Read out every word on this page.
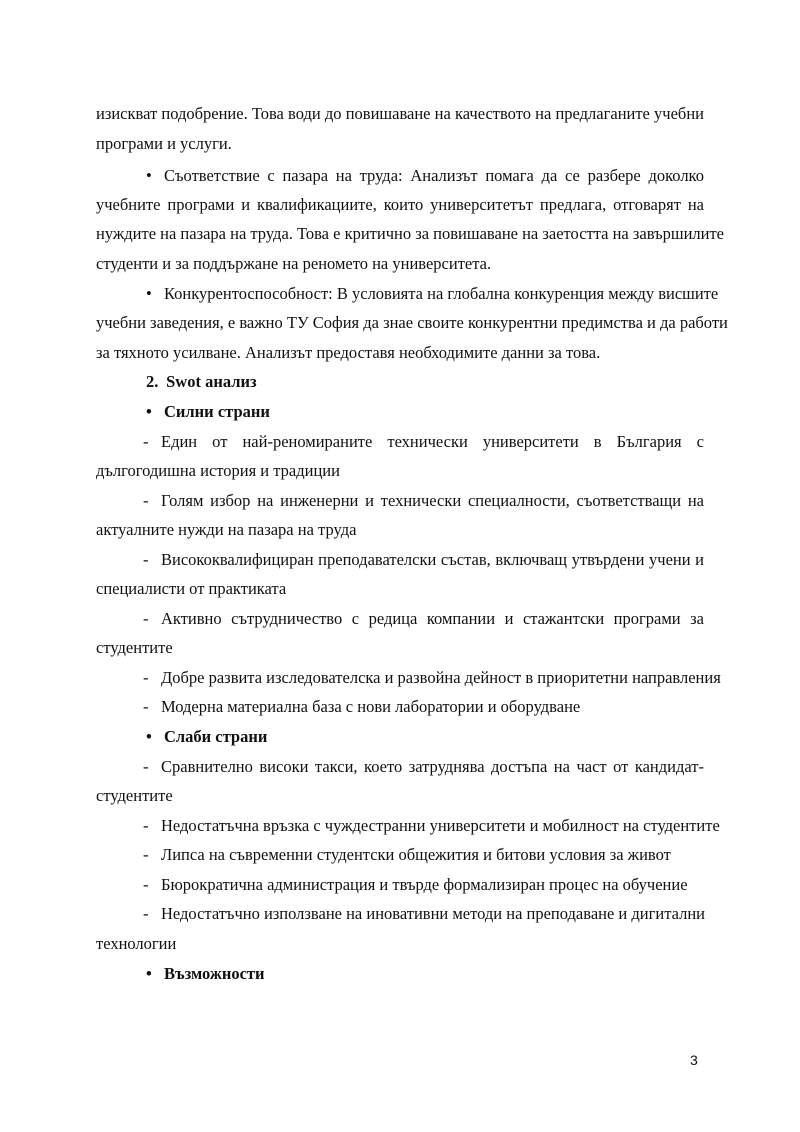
изискват подобрение. Това води до повишаване на качеството на предлаганите учебни
програми и услуги.
• Съответствие с пазара на труда: Анализът помага да се разбере доколко
учебните програми и квалификациите, които университетът предлага, отговарят на
нуждите на пазара на труда. Това е критично за повишаване на заетостта на завършилите
студенти и за поддържане на реномето на университета.
• Конкурентоспособност: В условията на глобална конкуренция между висшите
учебни заведения, е важно ТУ София да знае своите конкурентни предимства и да работи
за тяхното усилване. Анализът предоставя необходимите данни за това.
2. Swot анализ
• Силни страни
- Един от най-реномираните технически университети в България с
дългогодишна история и традиции
- Голям избор на инженерни и технически специалности, съответстващи на
актуалните нужди на пазара на труда
- Висококвалифициран преподавателски състав, включващ утвърдени учени и
специалисти от практиката
- Активно сътрудничество с редица компании и стажантски програми за
студентите
- Добре развита изследователска и развойна дейност в приоритетни направления
- Модерна материална база с нови лаборатории и оборудване
• Слаби страни
- Сравнително високи такси, което затруднява достъпа на част от кандидат-
студентите
- Недостатъчна връзка с чуждестранни университети и мобилност на студентите
- Липса на съвременни студентски общежития и битови условия за живот
- Бюрократична администрация и твърде формализиран процес на обучение
- Недостатъчно използване на иновативни методи на преподаване и дигитални
технологии
• Възможности
3
